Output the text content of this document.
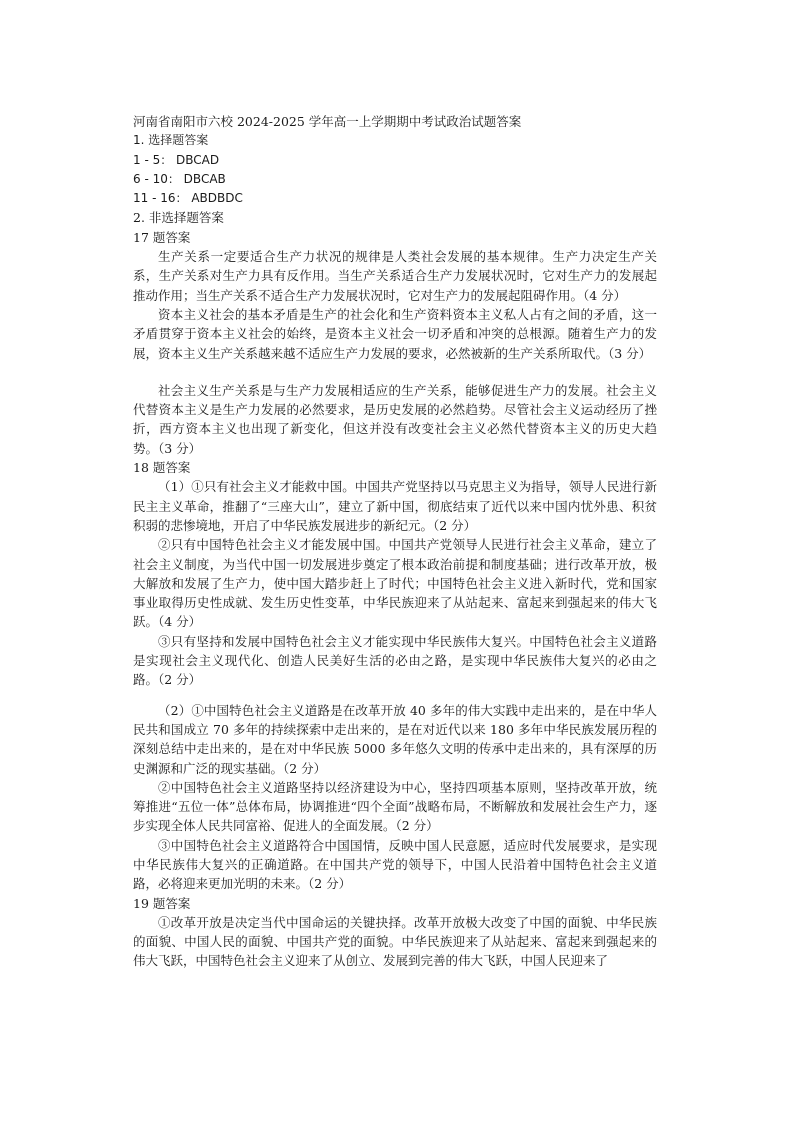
河南省南阳市六校 2024-2025 学年高一上学期期中考试政治试题答案
1. 选择题答案
1 - 5： DBCAD
6 - 10： DBCAB
11 - 16： ABDBDC
2. 非选择题答案
17 题答案

生产关系一定要适合生产力状况的规律是人类社会发展的基本规律。生产力决定生产关系，生产关系对生产力具有反作用。当生产关系适合生产力发展状况时，它对生产力的发展起推动作用；当生产关系不适合生产力发展状况时，它对生产力的发展起阻碍作用。（4 分）

资本主义社会的基本矛盾是生产的社会化和生产资料资本主义私人占有之间的矛盾，这一矛盾贯穿于资本主义社会的始终，是资本主义社会一切矛盾和冲突的总根源。随着生产力的发展，资本主义生产关系越来越不适应生产力发展的要求，必然被新的生产关系所取代。（3 分）

社会主义生产关系是与生产力发展相适应的生产关系，能够促进生产力的发展。社会主义代替资本主义是生产力发展的必然要求，是历史发展的必然趋势。尽管社会主义运动经历了挫折，西方资本主义也出现了新变化，但这并没有改变社会主义必然代替资本主义的历史大趋势。（3 分）

18 题答案

（1）①只有社会主义才能救中国。中国共产党坚持以马克思主义为指导，领导人民进行新民主主义革命，推翻了“三座大山”，建立了新中国，彻底结束了近代以来中国内忧外患、积贫积弱的悲惨境地，开启了中华民族发展进步的新纪元。（2 分）

②只有中国特色社会主义才能发展中国。中国共产党领导人民进行社会主义革命，建立了社会主义制度，为当代中国一切发展进步奠定了根本政治前提和制度基础；进行改革开放，极大解放和发展了生产力，使中国大踏步赶上了时代；中国特色社会主义进入新时代，党和国家事业取得历史性成就、发生历史性变革，中华民族迎来了从站起来、富起来到强起来的伟大飞跃。（4 分）

③只有坚持和发展中国特色社会主义才能实现中华民族伟大复兴。中国特色社会主义道路是实现社会主义现代化、创造人民美好生活的必由之路，是实现中华民族伟大复兴的必由之路。（2 分）

（2）①中国特色社会主义道路是在改革开放 40 多年的伟大实践中走出来的，是在中华人民共和国成立 70 多年的持续探索中走出来的，是在对近代以来 180 多年中华民族发展历程的深刻总结中走出来的，是在对中华民族 5000 多年悠久文明的传承中走出来的，具有深厚的历史渊源和广泛的现实基础。（2 分）

②中国特色社会主义道路坚持以经济建设为中心，坚持四项基本原则，坚持改革开放，统筹推进“五位一体”总体布局，协调推进“四个全面”战略布局，不断解放和发展社会生产力，逐步实现全体人民共同富裕、促进人的全面发展。（2 分）

③中国特色社会主义道路符合中国国情，反映中国人民意愿，适应时代发展要求，是实现中华民族伟大复兴的正确道路。在中国共产党的领导下，中国人民沿着中国特色社会主义道路，必将迎来更加光明的未来。（2 分）

19 题答案

①改革开放是决定当代中国命运的关键抉择。改革开放极大改变了中国的面貌、中华民族的面貌、中国人民的面貌、中国共产党的面貌。中华民族迎来了从站起来、富起来到强起来的伟大飞跃，中国特色社会主义迎来了从创立、发展到完善的伟大飞跃，中国人民迎来了
